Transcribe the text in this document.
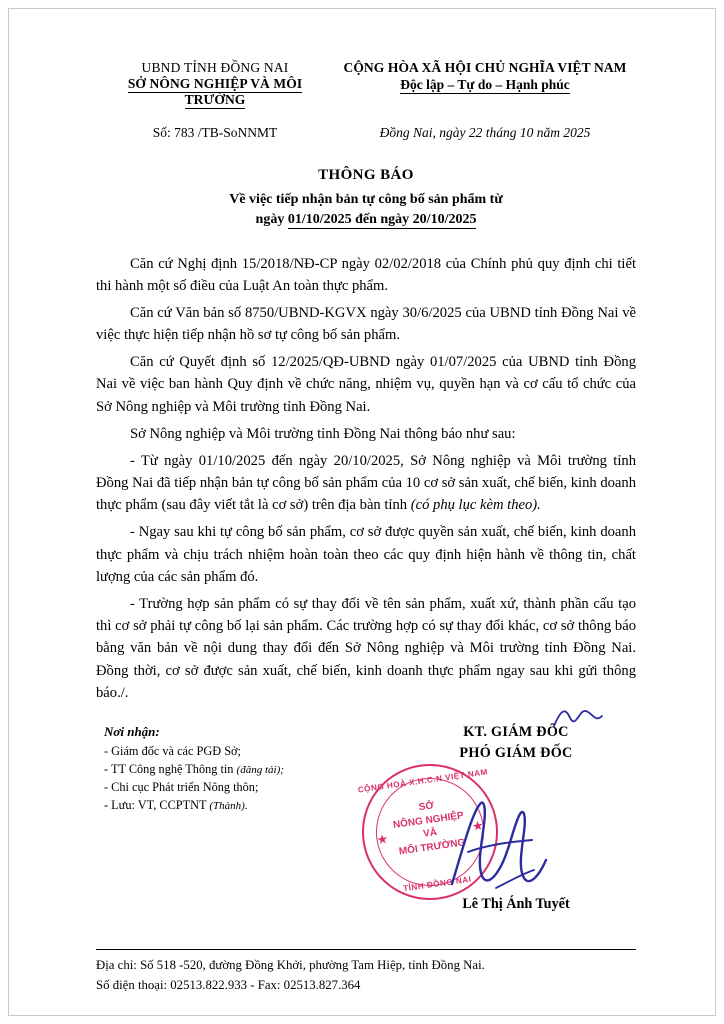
UBND TỈNH ĐỒNG NAI
SỞ NÔNG NGHIỆP VÀ MÔI TRƯỜNG
CỘNG HÒA XÃ HỘI CHỦ NGHĨA VIỆT NAM
Độc lập – Tự do – Hạnh phúc
Số: 783 /TB-SoNNMT	Đồng Nai, ngày 22 tháng 10 năm 2025
THÔNG BÁO
Về việc tiếp nhận bản tự công bố sản phẩm từ
ngày 01/10/2025 đến ngày 20/10/2025
Căn cứ Nghị định 15/2018/NĐ-CP ngày 02/02/2018 của Chính phủ quy định chi tiết thi hành một số điều của Luật An toàn thực phẩm.
Căn cứ Văn bản số 8750/UBND-KGVX ngày 30/6/2025 của UBND tỉnh Đồng Nai về việc thực hiện tiếp nhận hồ sơ tự công bố sản phẩm.
Căn cứ Quyết định số 12/2025/QĐ-UBND ngày 01/07/2025 của UBND tỉnh Đồng Nai về việc ban hành Quy định về chức năng, nhiệm vụ, quyền hạn và cơ cấu tổ chức của Sở Nông nghiệp và Môi trường tỉnh Đồng Nai.
Sở Nông nghiệp và Môi trường tỉnh Đồng Nai thông báo như sau:
- Từ ngày 01/10/2025 đến ngày 20/10/2025, Sở Nông nghiệp và Môi trường tỉnh Đồng Nai đã tiếp nhận bản tự công bố sản phẩm của 10 cơ sở sản xuất, chế biến, kinh doanh thực phẩm (sau đây viết tắt là cơ sở) trên địa bàn tỉnh (có phụ lục kèm theo).
- Ngay sau khi tự công bố sản phẩm, cơ sở được quyền sản xuất, chế biến, kinh doanh thực phẩm và chịu trách nhiệm hoàn toàn theo các quy định hiện hành về thông tin, chất lượng của các sản phẩm đó.
- Trường hợp sản phẩm có sự thay đổi về tên sản phẩm, xuất xứ, thành phần cấu tạo thì cơ sở phải tự công bố lại sản phẩm. Các trường hợp có sự thay đổi khác, cơ sở thông báo bằng văn bản về nội dung thay đổi đến Sở Nông nghiệp và Môi trường tỉnh Đồng Nai. Đồng thời, cơ sở được sản xuất, chế biến, kinh doanh thực phẩm ngay sau khi gửi thông báo./.
Nơi nhận:
- Giám đốc và các PGĐ Sở;
- TT Công nghệ Thông tin (đăng tải);
- Chi cục Phát triển Nông thôn;
- Lưu: VT, CCPTNT (Thành).
KT. GIÁM ĐỐC
PHÓ GIÁM ĐỐC
CỘNG HOÀ X.H.C.N VIỆT NAM
★
★
SỞ
NÔNG NGHIỆP
VÀ
MÔI TRƯỜNG
TỈNH ĐỒNG NAI
Lê Thị Ánh Tuyết
Địa chỉ: Số 518 -520, đường Đồng Khởi, phường Tam Hiệp, tỉnh Đồng Nai.
Số điện thoại: 02513.822.933 - Fax: 02513.827.364
